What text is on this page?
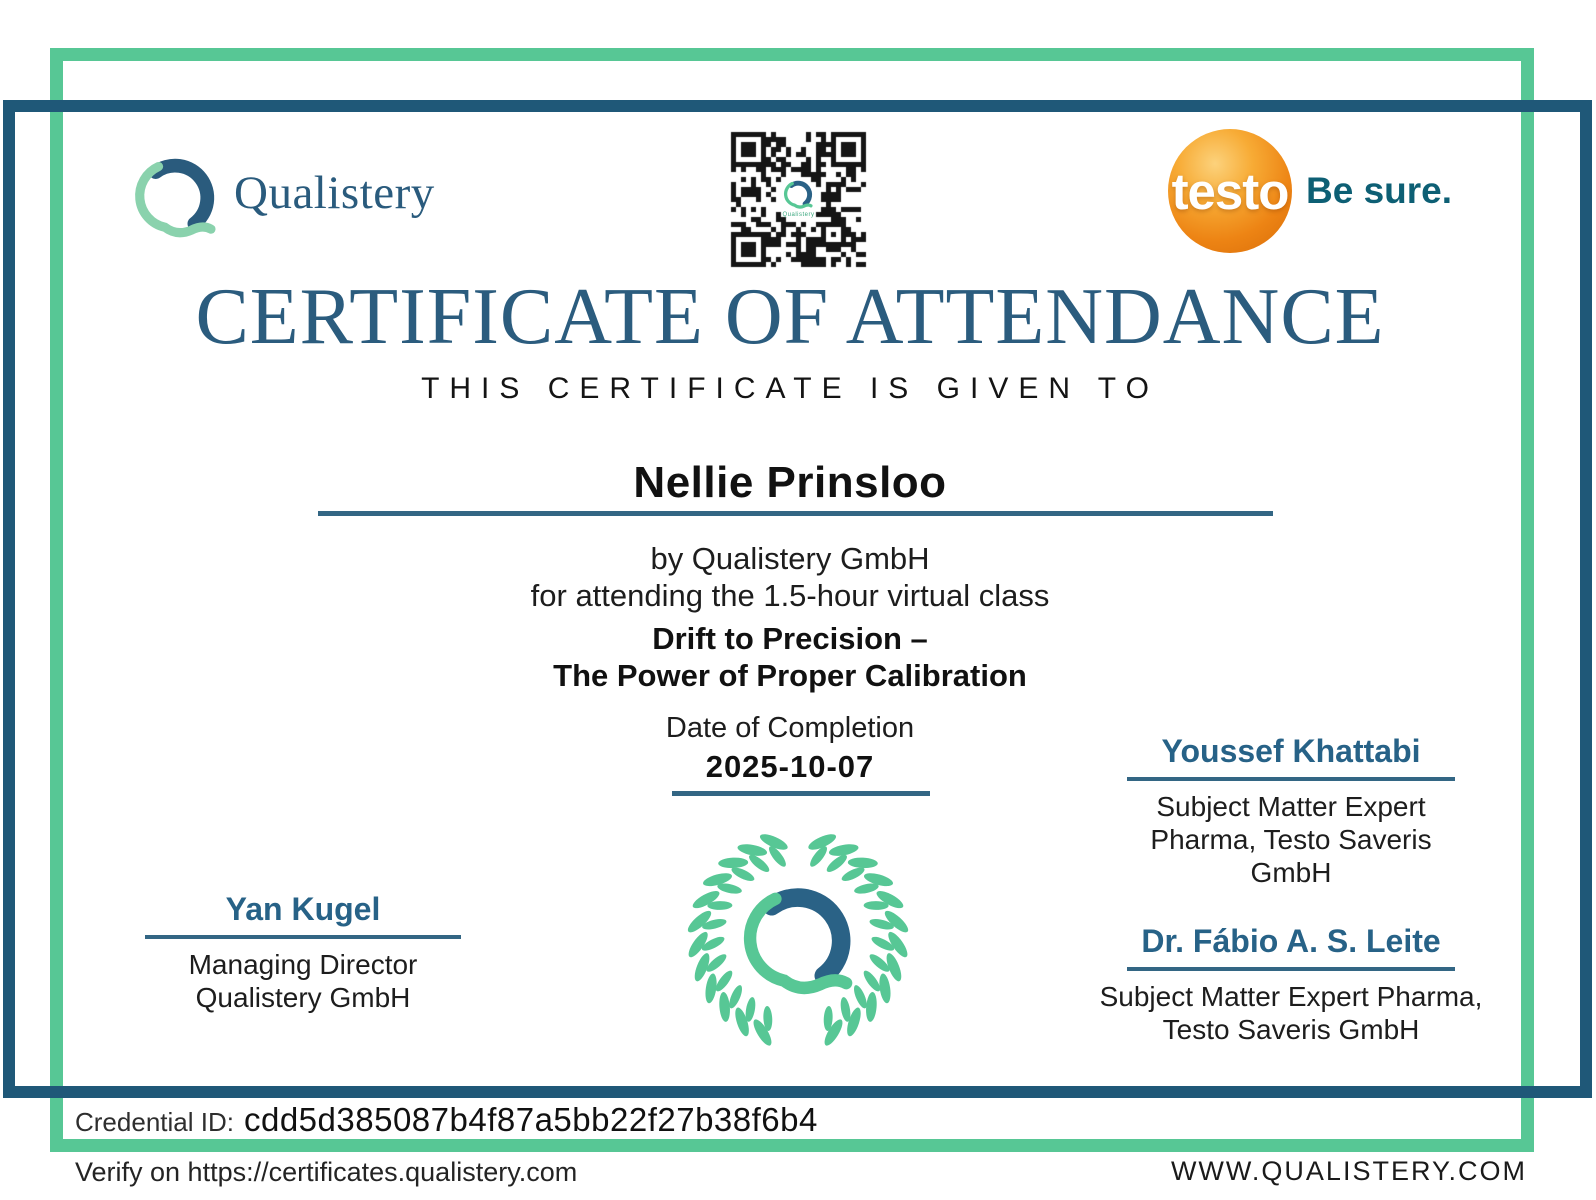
Qualistery	Qualistery	testo Be sure.
CERTIFICATE OF ATTENDANCE
THIS CERTIFICATE IS GIVEN TO
Nellie Prinsloo
by Qualistery GmbH
for attending the 1.5-hour virtual class
Drift to Precision –
The Power of Proper Calibration
Date of Completion
2025-10-07
Yan Kugel
Managing Director
Qualistery GmbH
Youssef Khattabi
Subject Matter Expert
Pharma, Testo Saveris
GmbH
Dr. Fábio A. S. Leite
Subject Matter Expert Pharma,
Testo Saveris GmbH
Credential ID: cdd5d385087b4f87a5bb22f27b38f6b4
Verify on https://certificates.qualistery.com	WWW.QUALISTERY.COM
